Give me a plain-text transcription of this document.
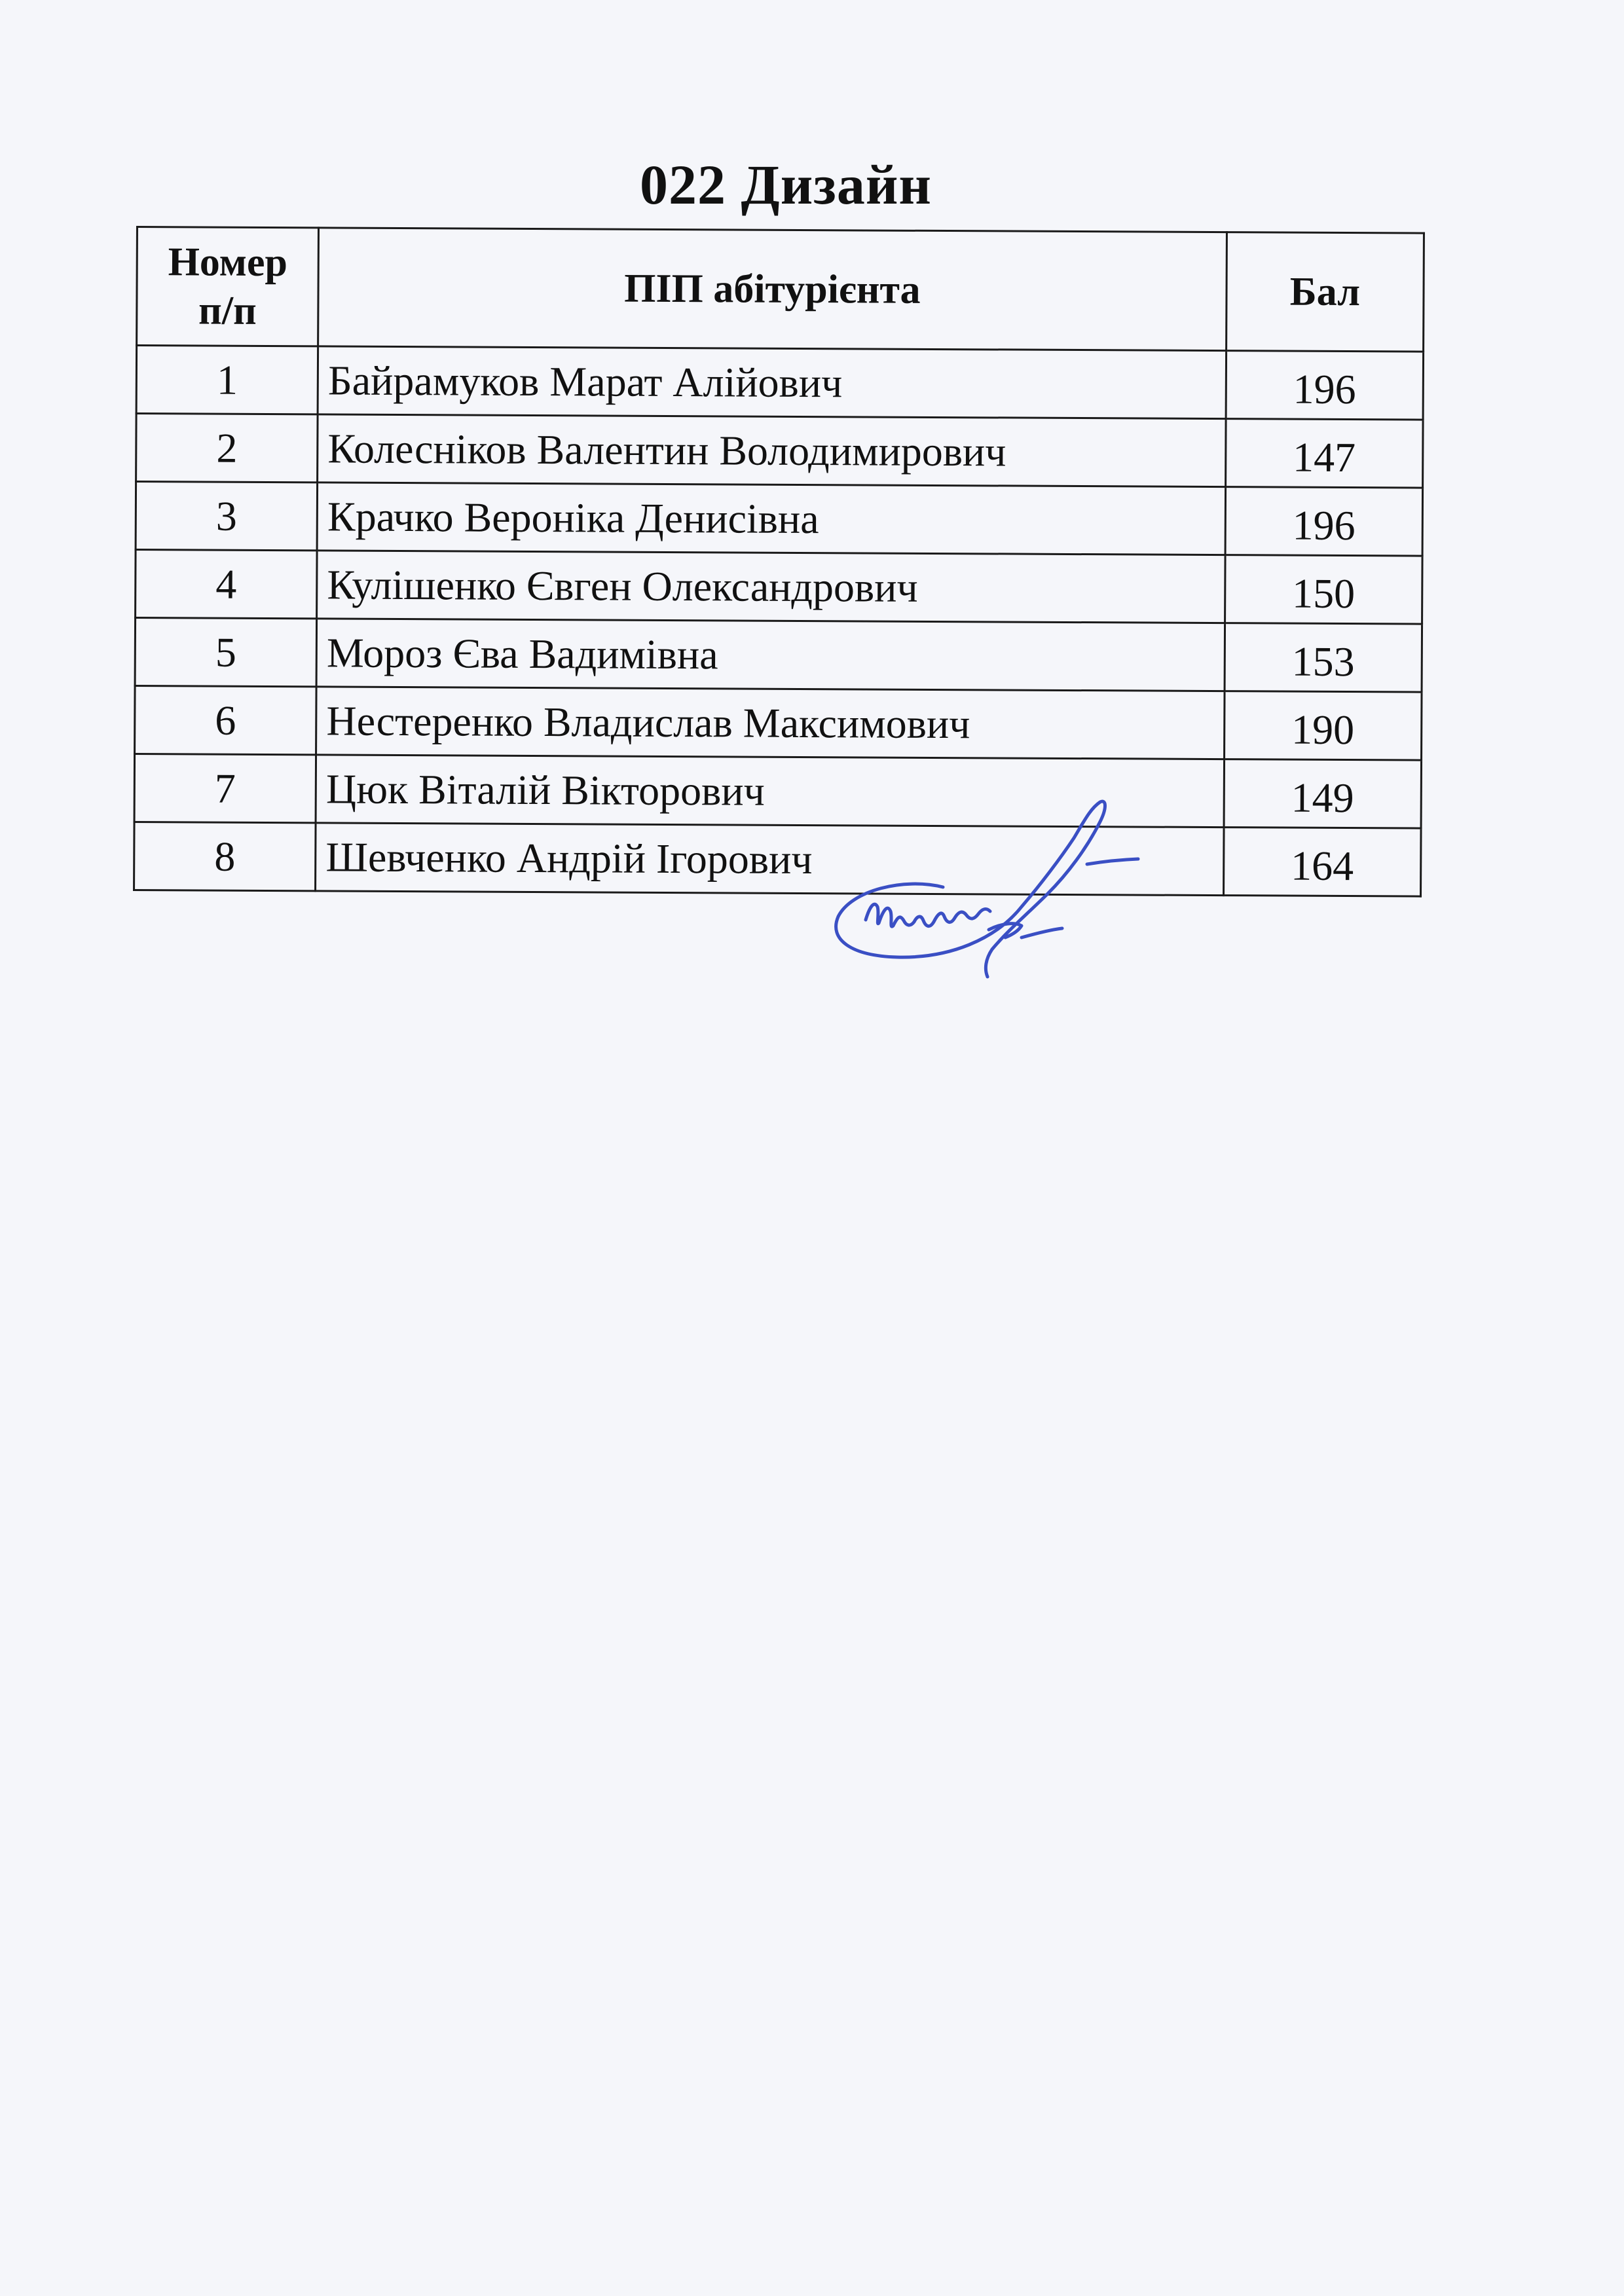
022 Дизайн
Номер
п/п	ПІП абітурієнта	Бал
1	Байрамуков Марат Алійович	196
2	Колесніков Валентин Володимирович	147
3	Крачко Вероніка Денисівна	196
4	Кулішенко Євген Олександрович	150
5	Мороз Єва Вадимівна	153
6	Нестеренко Владислав Максимович	190
7	Цюк Віталій Вікторович	149
8	Шевченко Андрій Ігорович	164
